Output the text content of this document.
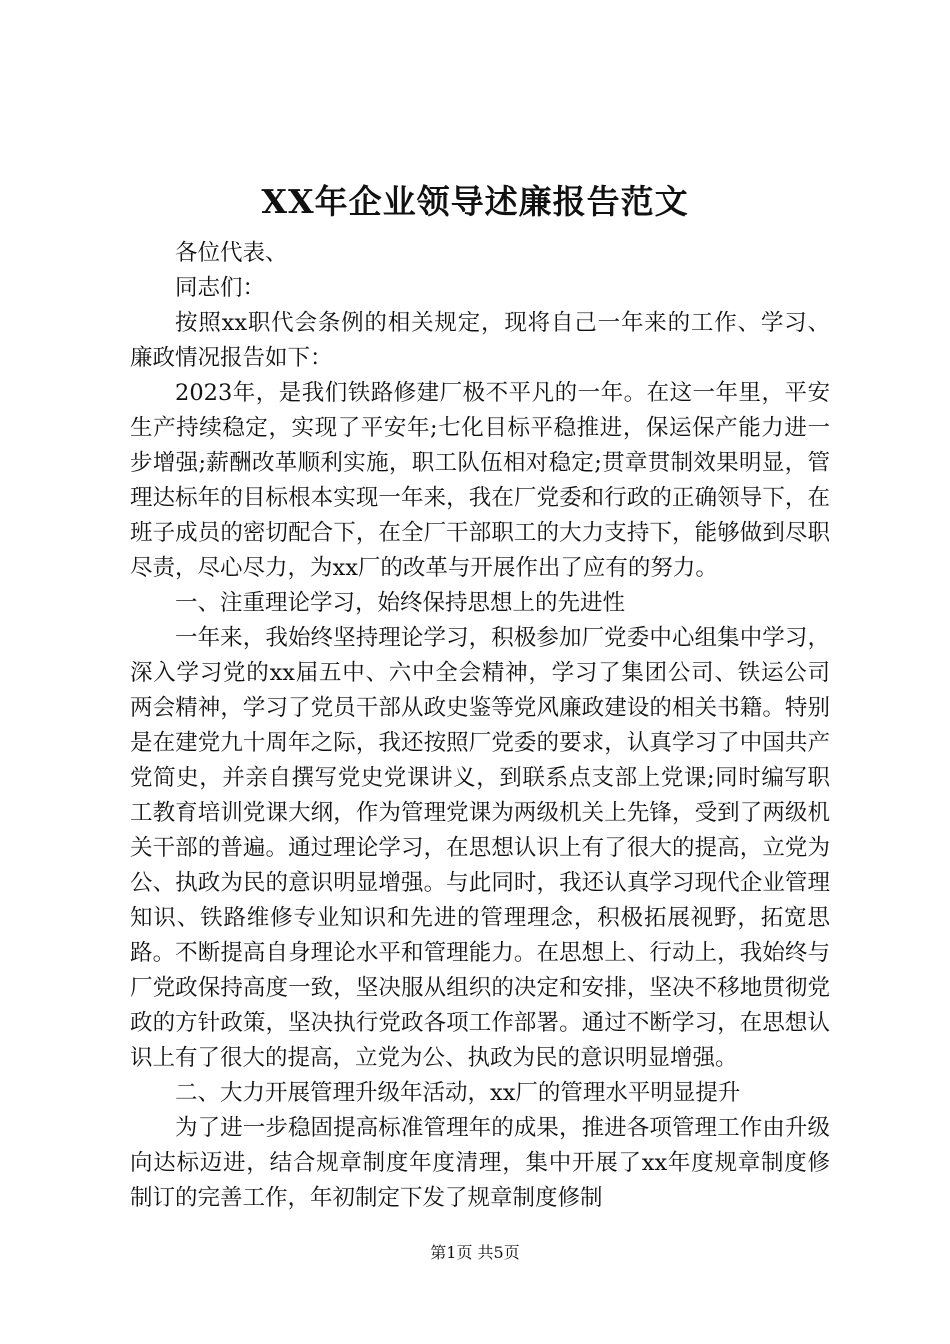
XX年企业领导述廉报告范文

各位代表、

同志们：

按照xx职代会条例的相关规定，现将自己一年来的工作、学习、廉政情况报告如下：

2023年，是我们铁路修建厂极不平凡的一年。在这一年里，平安生产持续稳定，实现了平安年;七化目标平稳推进，保运保产能力进一步增强;薪酬改革顺利实施，职工队伍相对稳定;贯章贯制效果明显，管理达标年的目标根本实现一年来，我在厂党委和行政的正确领导下，在班子成员的密切配合下，在全厂干部职工的大力支持下，能够做到尽职尽责，尽心尽力，为xx厂的改革与开展作出了应有的努力。

一、注重理论学习，始终保持思想上的先进性

一年来，我始终坚持理论学习，积极参加厂党委中心组集中学习，深入学习党的xx届五中、六中全会精神，学习了集团公司、铁运公司两会精神，学习了党员干部从政史鉴等党风廉政建设的相关书籍。特别是在建党九十周年之际，我还按照厂党委的要求，认真学习了中国共产党简史，并亲自撰写党史党课讲义，到联系点支部上党课;同时编写职工教育培训党课大纲，作为管理党课为两级机关上先锋，受到了两级机关干部的普遍。通过理论学习，在思想认识上有了很大的提高，立党为公、执政为民的意识明显增强。与此同时，我还认真学习现代企业管理知识、铁路维修专业知识和先进的管理理念，积极拓展视野，拓宽思路。不断提高自身理论水平和管理能力。在思想上、行动上，我始终与厂党政保持高度一致，坚决服从组织的决定和安排，坚决不移地贯彻党政的方针政策，坚决执行党政各项工作部署。通过不断学习，在思想认识上有了很大的提高，立党为公、执政为民的意识明显增强。

二、大力开展管理升级年活动，xx厂的管理水平明显提升

为了进一步稳固提高标准管理年的成果，推进各项管理工作由升级向达标迈进，结合规章制度年度清理，集中开展了xx年度规章制度修制订的完善工作，年初制定下发了规章制度修制

第1页 共5页
